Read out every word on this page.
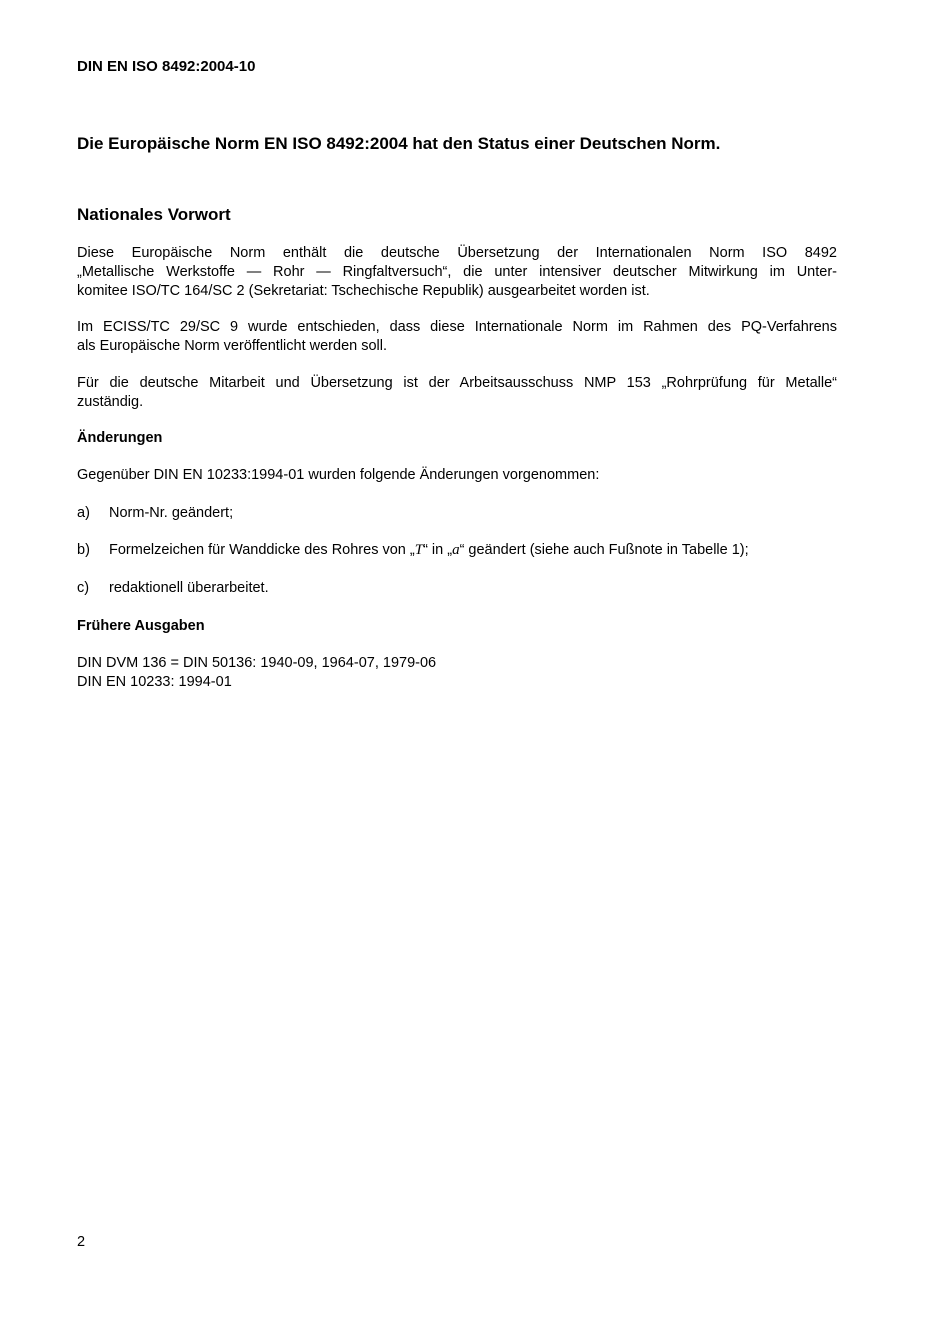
DIN EN ISO 8492:2004-10
Die Europäische Norm EN ISO 8492:2004 hat den Status einer Deutschen Norm.
Nationales Vorwort
Diese Europäische Norm enthält die deutsche Übersetzung der Internationalen Norm ISO 8492
„Metallische Werkstoffe — Rohr — Ringfaltversuch“, die unter intensiver deutscher Mitwirkung im Unter-
komitee ISO/TC 164/SC 2 (Sekretariat: Tschechische Republik) ausgearbeitet worden ist.
Im ECISS/TC 29/SC 9 wurde entschieden, dass diese Internationale Norm im Rahmen des PQ-Verfahrens
als Europäische Norm veröffentlicht werden soll.
Für die deutsche Mitarbeit und Übersetzung ist der Arbeitsausschuss NMP 153 „Rohrprüfung für Metalle“
zuständig.
Änderungen
Gegenüber DIN EN 10233:1994-01 wurden folgende Änderungen vorgenommen:
a) Norm-Nr. geändert;
b) Formelzeichen für Wanddicke des Rohres von „T“ in „a“ geändert (siehe auch Fußnote in Tabelle 1);
c) redaktionell überarbeitet.
Frühere Ausgaben
DIN DVM 136 = DIN 50136: 1940-09, 1964-07, 1979-06
DIN EN 10233: 1994-01
2
